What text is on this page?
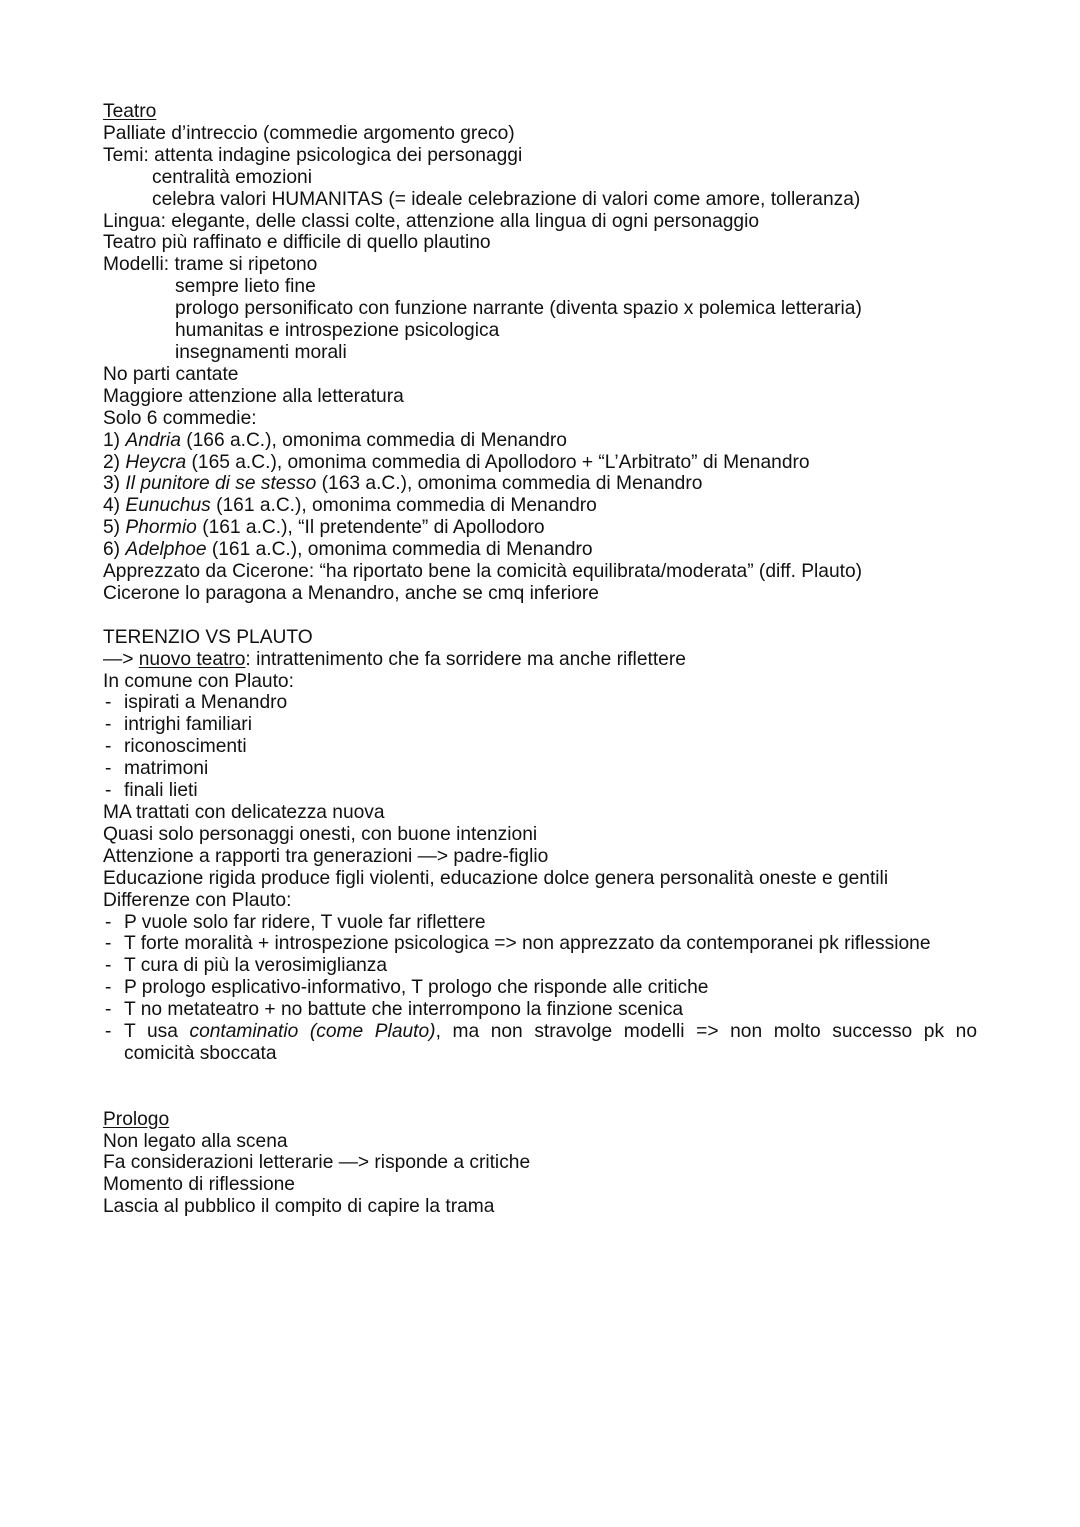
Teatro
Palliate d’intreccio (commedie argomento greco)
Temi: attenta indagine psicologica dei personaggi
centralità emozioni
celebra valori HUMANITAS (= ideale celebrazione di valori come amore, tolleranza)
Lingua: elegante, delle classi colte, attenzione alla lingua di ogni personaggio
Teatro più raffinato e difficile di quello plautino
Modelli: trame si ripetono
sempre lieto fine
prologo personificato con funzione narrante (diventa spazio x polemica letteraria)
humanitas e introspezione psicologica
insegnamenti morali
No parti cantate
Maggiore attenzione alla letteratura
Solo 6 commedie:
1) Andria (166 a.C.), omonima commedia di Menandro
2) Heycra (165 a.C.), omonima commedia di Apollodoro + “L’Arbitrato” di Menandro
3) Il punitore di se stesso (163 a.C.), omonima commedia di Menandro
4) Eunuchus (161 a.C.), omonima commedia di Menandro
5) Phormio (161 a.C.), “Il pretendente” di Apollodoro
6) Adelphoe (161 a.C.), omonima commedia di Menandro
Apprezzato da Cicerone: “ha riportato bene la comicità equilibrata/moderata” (diff. Plauto)
Cicerone lo paragona a Menandro, anche se cmq inferiore
TERENZIO VS PLAUTO
—> nuovo teatro: intrattenimento che fa sorridere ma anche riflettere
In comune con Plauto:
- ispirati a Menandro
- intrighi familiari
- riconoscimenti
- matrimoni
- finali lieti
MA trattati con delicatezza nuova
Quasi solo personaggi onesti, con buone intenzioni
Attenzione a rapporti tra generazioni —> padre-figlio
Educazione rigida produce figli violenti, educazione dolce genera personalità oneste e gentili
Differenze con Plauto:
- P vuole solo far ridere, T vuole far riflettere
- T forte moralità + introspezione psicologica => non apprezzato da contemporanei pk riflessione
- T cura di più la verosimiglianza
- P prologo esplicativo-informativo, T prologo che risponde alle critiche
- T no metateatro + no battute che interrompono la finzione scenica
- T usa contaminatio (come Plauto), ma non stravolge modelli => non molto successo pk no
comicità sboccata
Prologo
Non legato alla scena
Fa considerazioni letterarie —> risponde a critiche
Momento di riflessione
Lascia al pubblico il compito di capire la trama
